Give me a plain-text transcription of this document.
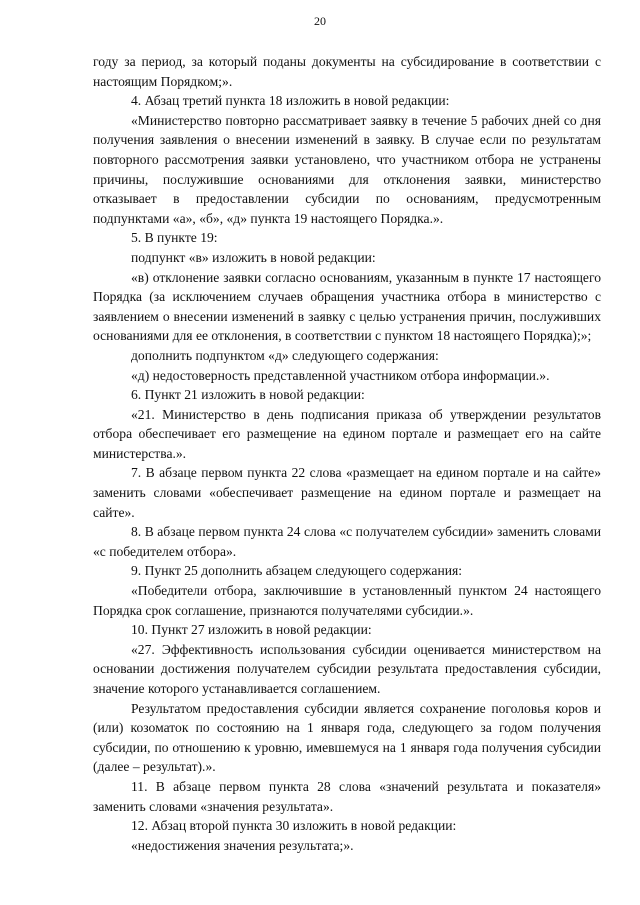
20

году за период, за который поданы документы на субсидирование в соответствии с настоящим Порядком;».

4. Абзац третий пункта 18 изложить в новой редакции:

«Министерство повторно рассматривает заявку в течение 5 рабочих дней со дня получения заявления о внесении изменений в заявку. В случае если по результатам повторного рассмотрения заявки установлено, что участником отбора не устранены причины, послужившие основаниями для отклонения заявки, министерство отказывает в предоставлении субсидии по основаниям, предусмотренным подпунктами «а», «б», «д» пункта 19 настоящего Порядка.».

5. В пункте 19:

подпункт «в» изложить в новой редакции:

«в) отклонение заявки согласно основаниям, указанным в пункте 17 настоящего Порядка (за исключением случаев обращения участника отбора в министерство с заявлением о внесении изменений в заявку с целью устранения причин, послуживших основаниями для ее отклонения, в соответствии с пунктом 18 настоящего Порядка);»;

дополнить подпунктом «д» следующего содержания:

«д) недостоверность представленной участником отбора информации.».

6. Пункт 21 изложить в новой редакции:

«21. Министерство в день подписания приказа об утверждении результатов отбора обеспечивает его размещение на едином портале и размещает его на сайте министерства.».

7. В абзаце первом пункта 22 слова «размещает на едином портале и на сайте» заменить словами «обеспечивает размещение на едином портале и размещает на сайте».

8. В абзаце первом пункта 24 слова «с получателем субсидии» заменить словами «с победителем отбора».

9. Пункт 25 дополнить абзацем следующего содержания:

«Победители отбора, заключившие в установленный пунктом 24 настоящего Порядка срок соглашение, признаются получателями субсидии.».

10. Пункт 27 изложить в новой редакции:

«27. Эффективность использования субсидии оценивается министерством на основании достижения получателем субсидии результата предоставления субсидии, значение которого устанавливается соглашением.

Результатом предоставления субсидии является сохранение поголовья коров и (или) козоматок по состоянию на 1 января года, следующего за годом получения субсидии, по отношению к уровню, имевшемуся на 1 января года получения субсидии (далее – результат).».

11. В абзаце первом пункта 28 слова «значений результата и показателя» заменить словами «значения результата».

12. Абзац второй пункта 30 изложить в новой редакции:

«недостижения значения результата;».
